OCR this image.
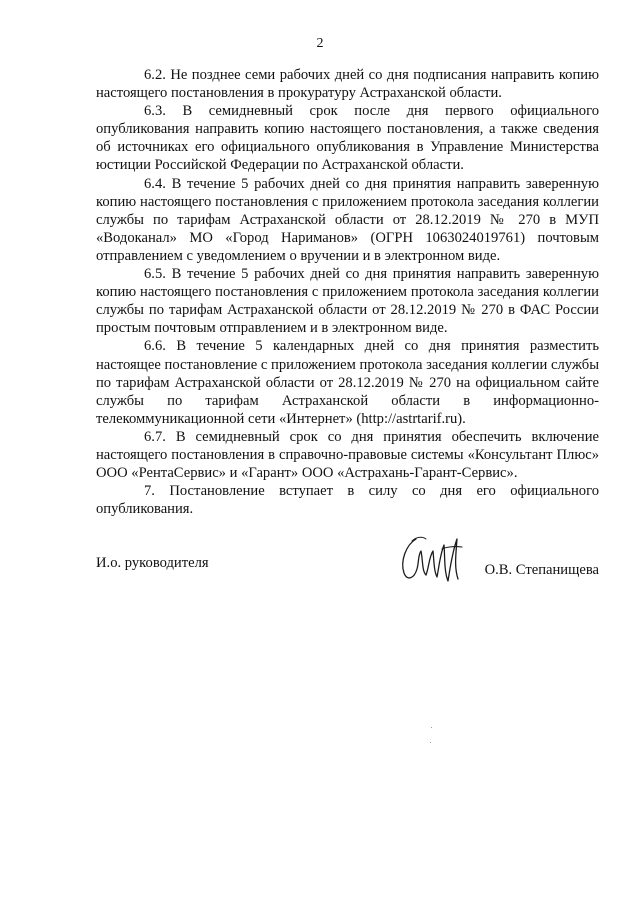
2

6.2. Не позднее семи рабочих дней со дня подписания направить копию настоящего постановления в прокуратуру Астраханской области.

6.3. В семидневный срок после дня первого официального опубликования направить копию настоящего постановления, а также сведения об источниках его официального опубликования в Управление Министерства юстиции Российской Федерации по Астраханской области.

6.4. В течение 5 рабочих дней со дня принятия направить заверенную копию настоящего постановления с приложением протокола заседания коллегии службы по тарифам Астраханской области от 28.12.2019 № 270 в МУП «Водоканал» МО «Город Нариманов» (ОГРН 1063024019761) почтовым отправлением с уведомлением о вручении и в электронном виде.

6.5. В течение 5 рабочих дней со дня принятия направить заверенную копию настоящего постановления с приложением протокола заседания коллегии службы по тарифам Астраханской области от 28.12.2019 № 270 в ФАС России простым почтовым отправлением и в электронном виде.

6.6. В течение 5 календарных дней со дня принятия разместить настоящее постановление с приложением протокола заседания коллегии службы по тарифам Астраханской области от 28.12.2019 № 270 на официальном сайте службы по тарифам Астраханской области в информационно-телекоммуникационной сети «Интернет» (http://astrtarif.ru).

6.7. В семидневный срок со дня принятия обеспечить включение настоящего постановления в справочно-правовые системы «Консультант Плюс» ООО «РентаСервис» и «Гарант» ООО «Астрахань-Гарант-Сервис».

7. Постановление вступает в силу со дня его официального опубликования.

И.о. руководителя	О.В. Степанищева
